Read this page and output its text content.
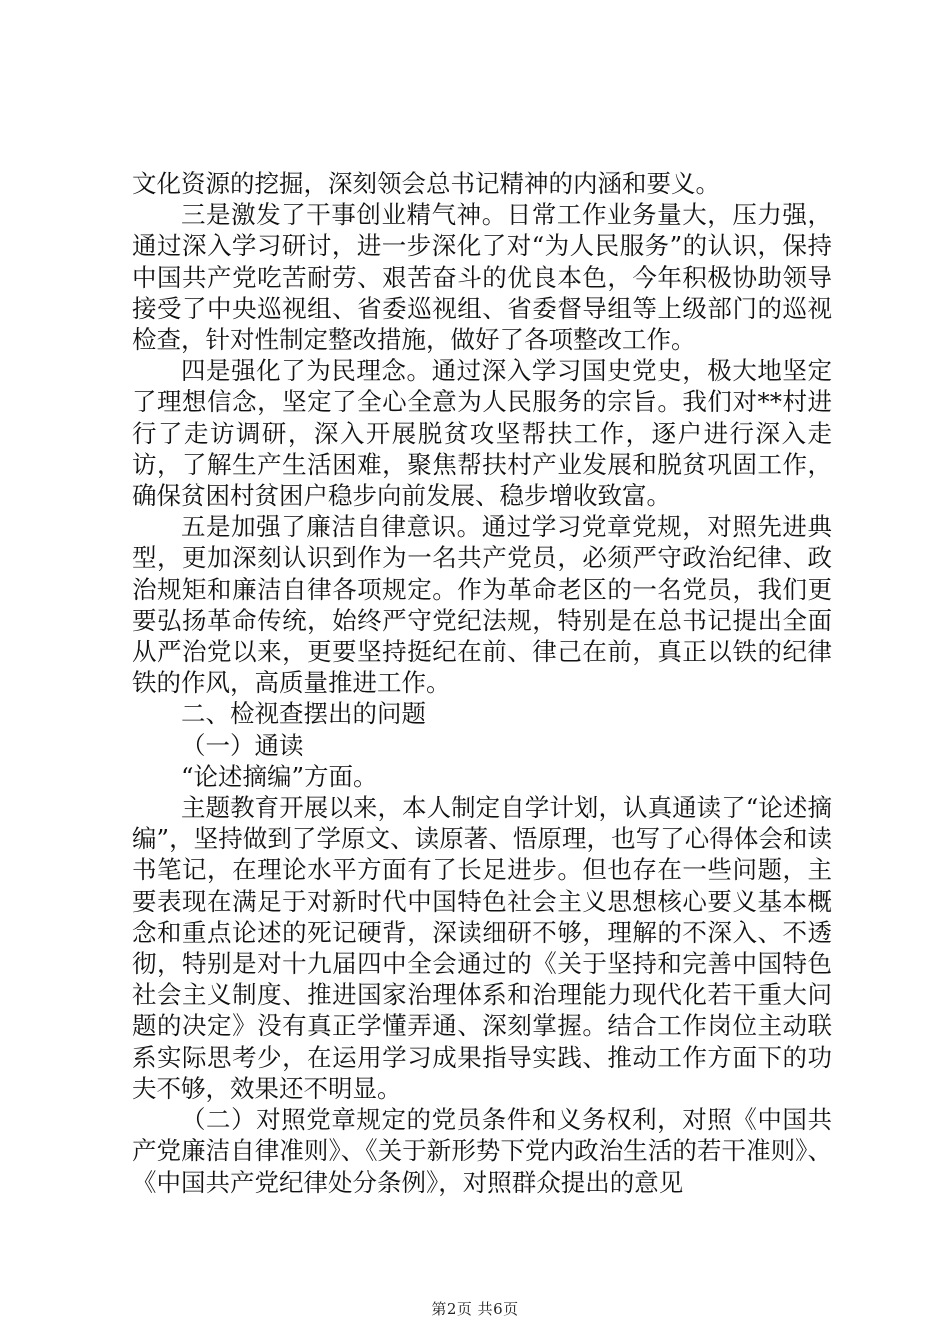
文化资源的挖掘，深刻领会总书记精神的内涵和要义。

三是激发了干事创业精气神。日常工作业务量大，压力强，通过深入学习研讨，进一步深化了对“为人民服务”的认识，保持中国共产党吃苦耐劳、艰苦奋斗的优良本色，今年积极协助领导接受了中央巡视组、省委巡视组、省委督导组等上级部门的巡视检查，针对性制定整改措施，做好了各项整改工作。

四是强化了为民理念。通过深入学习国史党史，极大地坚定了理想信念，坚定了全心全意为人民服务的宗旨。我们对**村进行了走访调研，深入开展脱贫攻坚帮扶工作，逐户进行深入走访，了解生产生活困难，聚焦帮扶村产业发展和脱贫巩固工作，确保贫困村贫困户稳步向前发展、稳步增收致富。

五是加强了廉洁自律意识。通过学习党章党规，对照先进典型，更加深刻认识到作为一名共产党员，必须严守政治纪律、政治规矩和廉洁自律各项规定。作为革命老区的一名党员，我们更要弘扬革命传统，始终严守党纪法规，特别是在总书记提出全面从严治党以来，更要坚持挺纪在前、律己在前，真正以铁的纪律铁的作风，高质量推进工作。

二、检视查摆出的问题

（一）通读

“论述摘编”方面。

主题教育开展以来，本人制定自学计划，认真通读了“论述摘编”，坚持做到了学原文、读原著、悟原理，也写了心得体会和读书笔记，在理论水平方面有了长足进步。但也存在一些问题，主要表现在满足于对新时代中国特色社会主义思想核心要义基本概念和重点论述的死记硬背，深读细研不够，理解的不深入、不透彻，特别是对十九届四中全会通过的《关于坚持和完善中国特色社会主义制度、推进国家治理体系和治理能力现代化若干重大问题的决定》没有真正学懂弄通、深刻掌握。结合工作岗位主动联系实际思考少，在运用学习成果指导实践、推动工作方面下的功夫不够，效果还不明显。

（二）对照党章规定的党员条件和义务权利，对照《中国共产党廉洁自律准则》、《关于新形势下党内政治生活的若干准则》、《中国共产党纪律处分条例》，对照群众提出的意见

第2页 共6页
